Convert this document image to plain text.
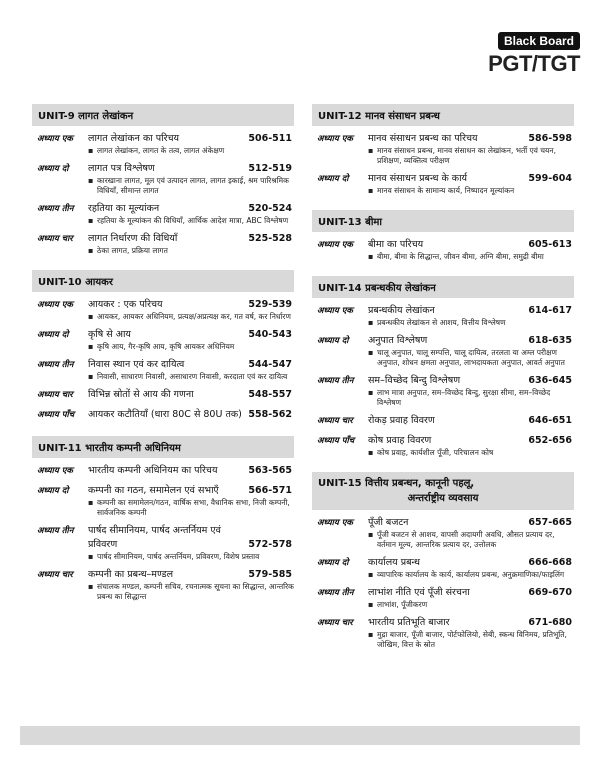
Black Board
PGT/TGT
UNIT-9 लागत लेखांकन
अध्याय एक	लागत लेखांकन का परिचय	506-511
▪ लागत लेखांकन, लागत के तत्व, लागत अंकेक्षण
अध्याय दो	लागत पत्र विश्लेषण	512-519
▪ कारखाना लागत, मूल एवं उत्पादन लागत, लागत इकाई, श्रम पारिश्रमिक विधियाँ, सीमान्त लागत
अध्याय तीन	रहतिया का मूल्यांकन	520-524
▪ रहतिया के मूल्यांकन की विधियाँ, आर्थिक आदेश मात्रा, ABC विश्लेषण
अध्याय चार	लागत निर्धारण की विधियाँ	525-528
▪ ठेका लागत, प्रक्रिया लागत
UNIT-10 आयकर
अध्याय एक	आयकर : एक परिचय	529-539
▪ आयकर, आयकर अधिनियम, प्रत्यक्ष/अप्रत्यक्ष कर, गत वर्ष, कर निर्धारण
अध्याय दो	कृषि से आय	540-543
▪ कृषि आय, गैर-कृषि आय, कृषि आयकर अधिनियम
अध्याय तीन	निवास स्थान एवं कर दायित्व	544-547
▪ निवासी, साधारण निवासी, असाधारण निवासी, करदाता एवं कर दायित्व
अध्याय चार	विभिन्न स्रोतों से आय की गणना	548-557
अध्याय पाँच	आयकर कटौतियाँ (धारा 80C से 80U तक) 558-562
UNIT-11 भारतीय कम्पनी अधिनियम
अध्याय एक	भारतीय कम्पनी अधिनियम का परिचय	563-565
अध्याय दो	कम्पनी का गठन, समामेलन एवं सभाएँ	566-571
▪ कम्पनी का समामेलन/गठन, वार्षिक सभा, वैधानिक सभा, निजी कम्पनी, सार्वजनिक कम्पनी
अध्याय तीन	पार्षद सीमानियम, पार्षद अन्तर्नियम एवं प्रविवरण	572-578
▪ पार्षद सीमानियम, पार्षद अन्तर्नियम, प्रविवरण, विशेष प्रस्ताव
अध्याय चार	कम्पनी का प्रबन्ध–मण्डल	579-585
▪ संचालक मण्डल, कम्पनी सचिव, रचनात्मक सूचना का सिद्धान्त, आन्तरिक प्रबन्ध का सिद्धान्त
UNIT-12 मानव संसाधन प्रबन्ध
अध्याय एक	मानव संसाधन प्रबन्ध का परिचय	586-598
▪ मानव संसाधन प्रबन्ध, मानव संसाधन का लेखांकन, भर्ती एवं चयन, प्रशिक्षण, व्यक्तित्व परीक्षण
अध्याय दो	मानव संसाधन प्रबन्ध के कार्य	599-604
▪ मानव संसाधन के सामान्य कार्य, निष्पादन मूल्यांकन
UNIT-13 बीमा
अध्याय एक	बीमा का परिचय	605-613
▪ बीमा, बीमा के सिद्धान्त, जीवन बीमा, अग्नि बीमा, समुद्री बीमा
UNIT-14 प्रबन्धकीय लेखांकन
अध्याय एक	प्रबन्धकीय लेखांकन	614-617
▪ प्रबन्धकीय लेखांकन से आशय, वित्तीय विश्लेषण
अध्याय दो	अनुपात विश्लेषण	618-635
▪ चालू अनुपात, चालू सम्पत्ति, चालू दायित्व, तरलता या अम्ल परीक्षण अनुपात, शोधन क्षमता अनुपात, लाभदायकता अनुपात, आवर्त अनुपात
अध्याय तीन	सम–विच्छेद बिन्दु विश्लेषण	636-645
▪ लाभ मात्रा अनुपात, सम–विच्छेद बिन्दु, सुरक्षा सीमा, सम–विच्छेद विश्लेषण
अध्याय चार	रोकड़ प्रवाह विवरण	646-651
अध्याय पाँच	कोष प्रवाह विवरण	652-656
▪ कोष प्रवाह, कार्यशील पूँजी, परिचालन कोष
UNIT-15 वित्तीय प्रबन्धन, कानूनी पहलू,
अन्तर्राष्ट्रीय व्यवसाय
अध्याय एक	पूँजी बजटन	657-665
▪ पूँजी बजटन से आशय, वापसी अदायगी अवधि, औसत प्रत्याय दर, वर्तमान मूल्य, आन्तरिक प्रत्याय दर, उत्तोलक
अध्याय दो	कार्यालय प्रबन्ध	666-668
▪ व्यापारिक कार्यालय के कार्य, कार्यालय प्रबन्ध, अनुक्रमाणिका/फाइलिंग
अध्याय तीन	लाभांश नीति एवं पूँजी संरचना	669-670
▪ लाभांश, पूँजीकरण
अध्याय चार	भारतीय प्रतिभूति बाजार	671-680
▪ मुद्रा बाजार, पूँजी बाजार, पोर्टफोलियो, सेबी, स्कन्ध विनिमय, प्रतिभूति, जोखिम, वित्त के स्रोत
